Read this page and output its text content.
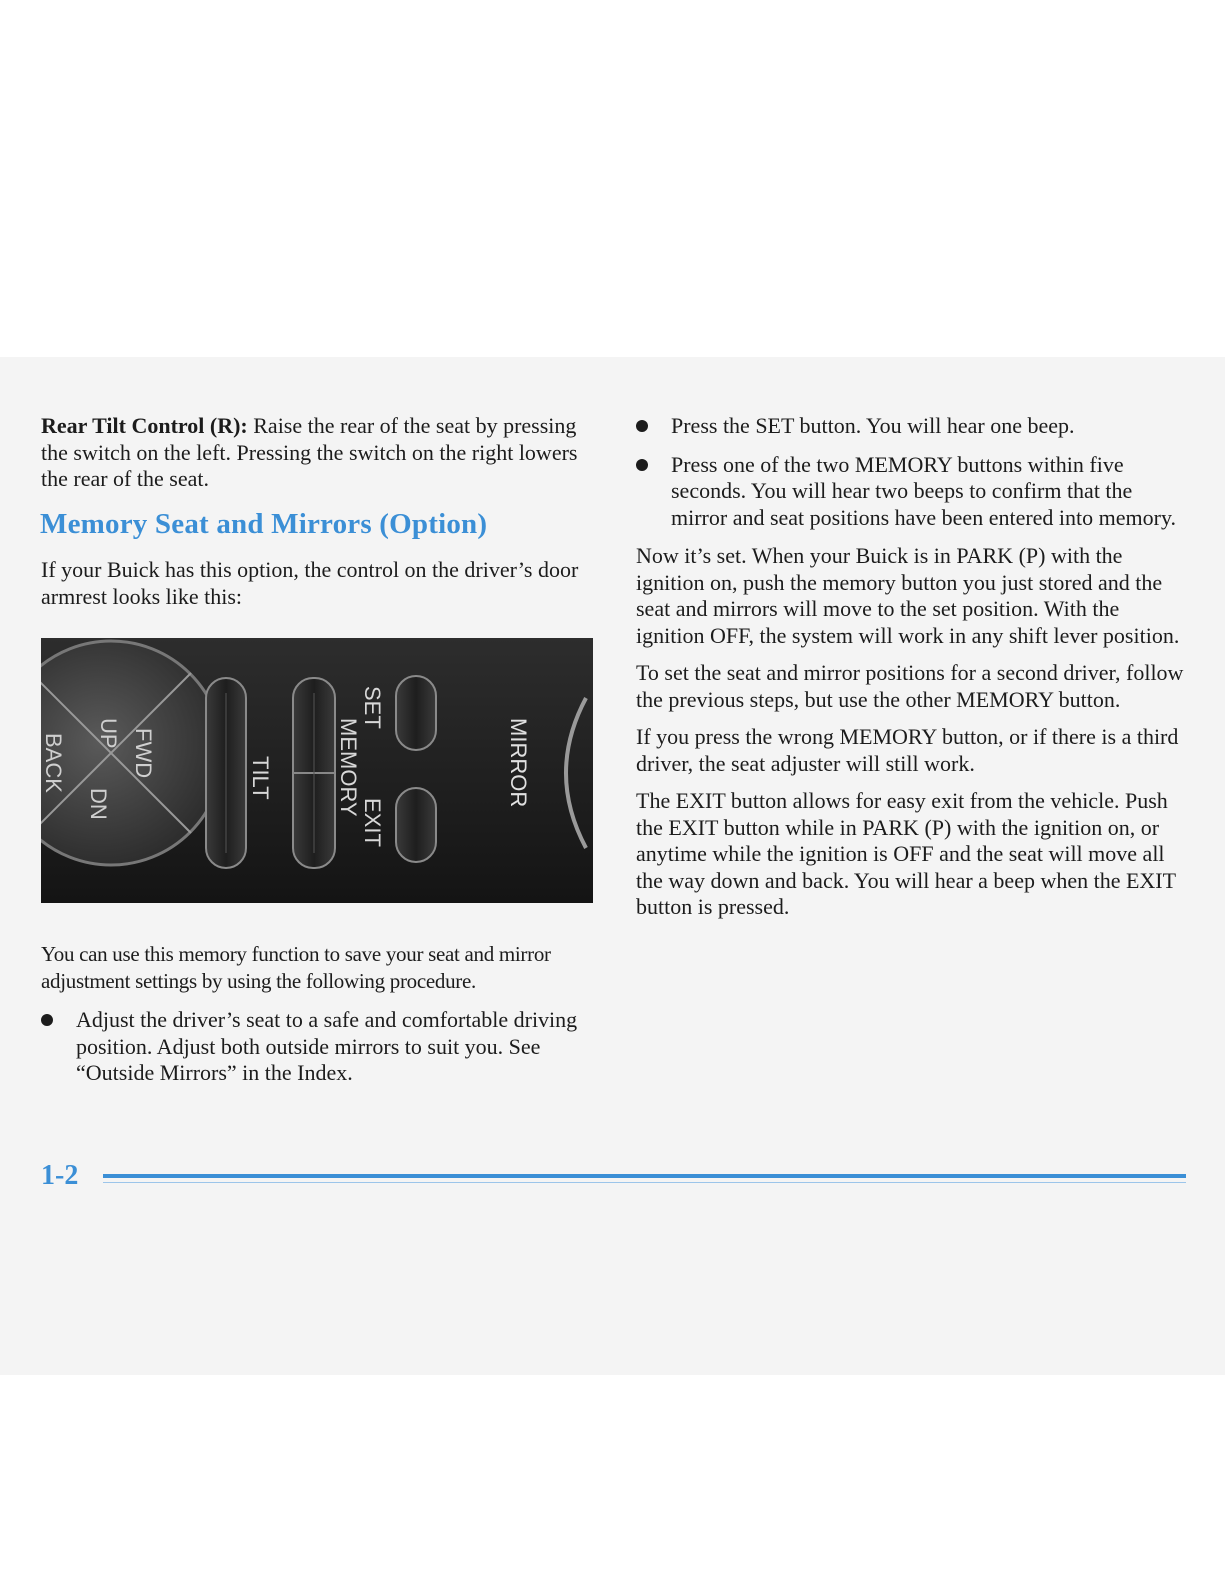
Rear Tilt Control (R): Raise the rear of the seat by pressing the switch on the left. Pressing the switch on the right lowers the rear of the seat.

Memory Seat and Mirrors (Option)

If your Buick has this option, the control on the driver’s door armrest looks like this:

UP FWD
BACK
DN
TILT	MEMORY
SET
EXIT
MIRROR

You can use this memory function to save your seat and mirror adjustment settings by using the following procedure.

Adjust the driver’s seat to a safe and comfortable driving position. Adjust both outside mirrors to suit you. See “Outside Mirrors” in the Index.
Press the SET button. You will hear one beep.
Press one of the two MEMORY buttons within five seconds. You will hear two beeps to confirm that the mirror and seat positions have been entered into memory.

Now it’s set. When your Buick is in PARK (P) with the ignition on, push the memory button you just stored and the seat and mirrors will move to the set position. With the ignition OFF, the system will work in any shift lever position.

To set the seat and mirror positions for a second driver, follow the previous steps, but use the other MEMORY button.

If you press the wrong MEMORY button, or if there is a third driver, the seat adjuster will still work.

The EXIT button allows for easy exit from the vehicle. Push the EXIT button while in PARK (P) with the ignition on, or anytime while the ignition is OFF and the seat will move all the way down and back. You will hear a beep when the EXIT button is pressed.

1-2
